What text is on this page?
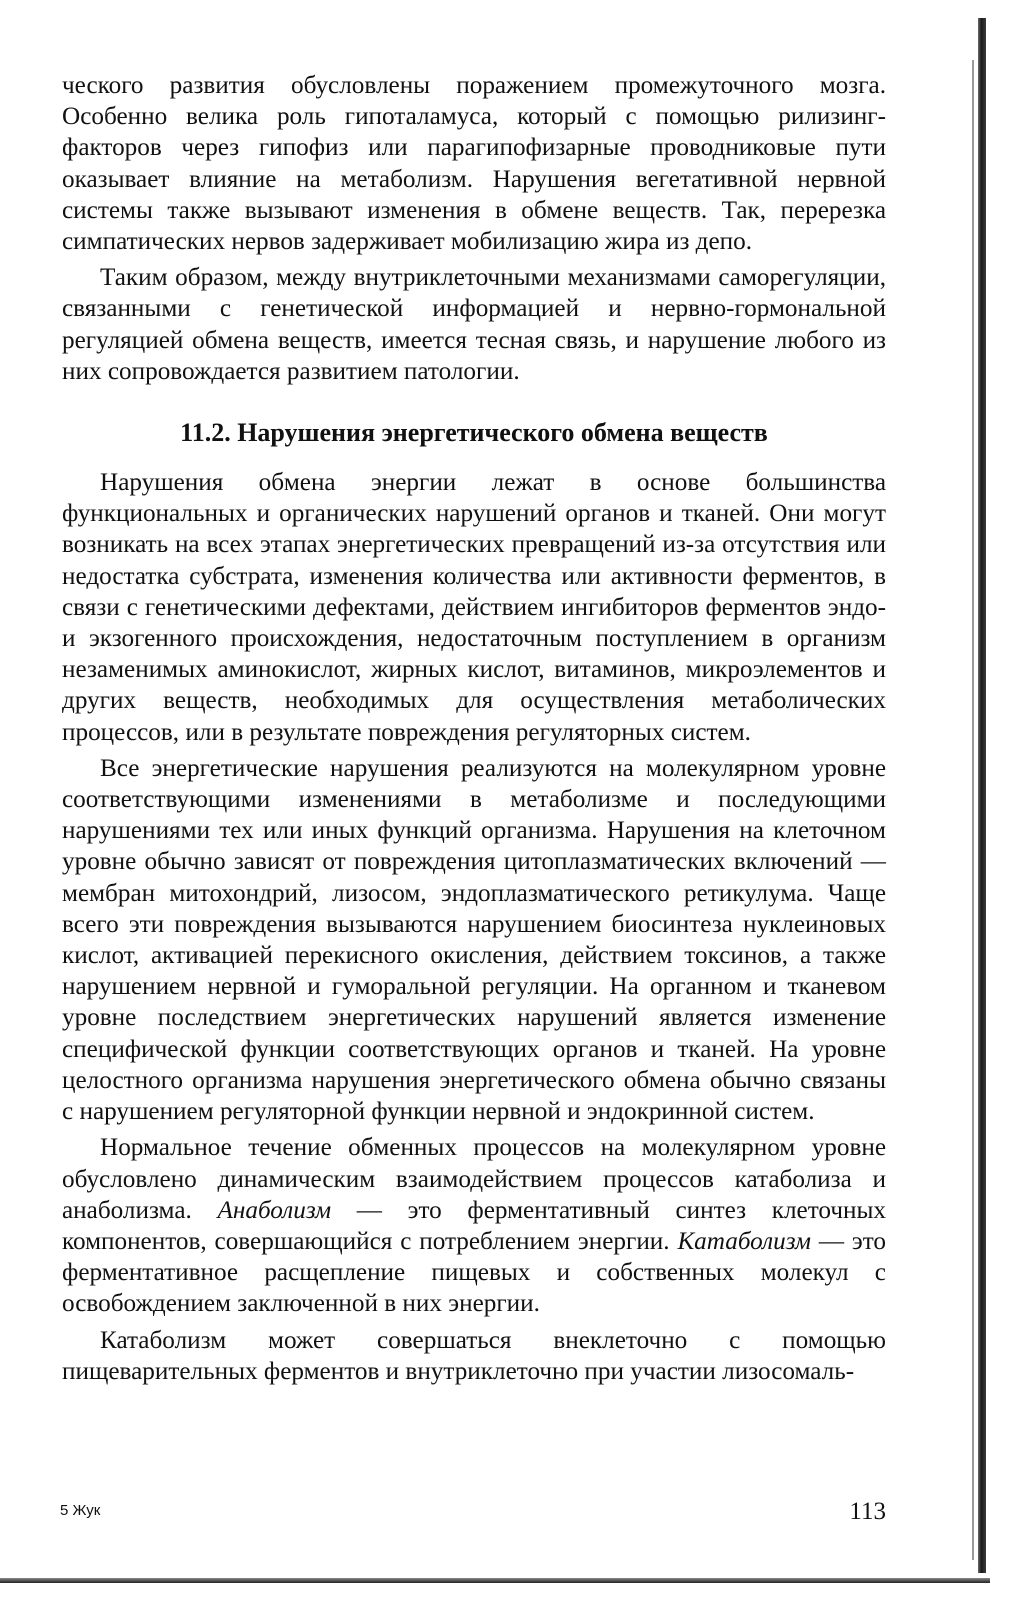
ческого развития обусловлены поражением промежуточного мозга. Особенно велика роль гипоталамуса, который с помощью рилизинг-факторов через гипофиз или парагипофизарные проводниковые пути оказывает влияние на метаболизм. Нарушения вегетативной нервной системы также вызывают изменения в обмене веществ. Так, перерезка симпатических нервов задерживает мобилизацию жира из депо.

Таким образом, между внутриклеточными механизмами саморегуляции, связанными с генетической информацией и нервно-гормональной регуляцией обмена веществ, имеется тесная связь, и нарушение любого из них сопровождается развитием патологии.

11.2. Нарушения энергетического обмена веществ

Нарушения обмена энергии лежат в основе большинства функциональных и органических нарушений органов и тканей. Они могут возникать на всех этапах энергетических превращений из-за отсутствия или недостатка субстрата, изменения количества или активности ферментов, в связи с генетическими дефектами, действием ингибиторов ферментов эндо- и экзогенного происхождения, недостаточным поступлением в организм незаменимых аминокислот, жирных кислот, витаминов, микроэлементов и других веществ, необходимых для осуществления метаболических процессов, или в результате повреждения регуляторных систем.

Все энергетические нарушения реализуются на молекулярном уровне соответствующими изменениями в метаболизме и последующими нарушениями тех или иных функций организма. Нарушения на клеточном уровне обычно зависят от повреждения цитоплазматических включений — мембран митохондрий, лизосом, эндоплазматического ретикулума. Чаще всего эти повреждения вызываются нарушением биосинтеза нуклеиновых кислот, активацией перекисного окисления, действием токсинов, а также нарушением нервной и гуморальной регуляции. На органном и тканевом уровне последствием энергетических нарушений является изменение специфической функции соответствующих органов и тканей. На уровне целостного организма нарушения энергетического обмена обычно связаны с нарушением регуляторной функции нервной и эндокринной систем.

Нормальное течение обменных процессов на молекулярном уровне обусловлено динамическим взаимодействием процессов катаболиза и анаболизма. Анаболизм — это ферментативный синтез клеточных компонентов, совершающийся с потреблением энергии. Катаболизм — это ферментативное расщепление пищевых и собственных молекул с освобождением заключенной в них энергии.

Катаболизм может совершаться внеклеточно с помощью пищеварительных ферментов и внутриклеточно при участии лизосомаль-

5 Жук	113
